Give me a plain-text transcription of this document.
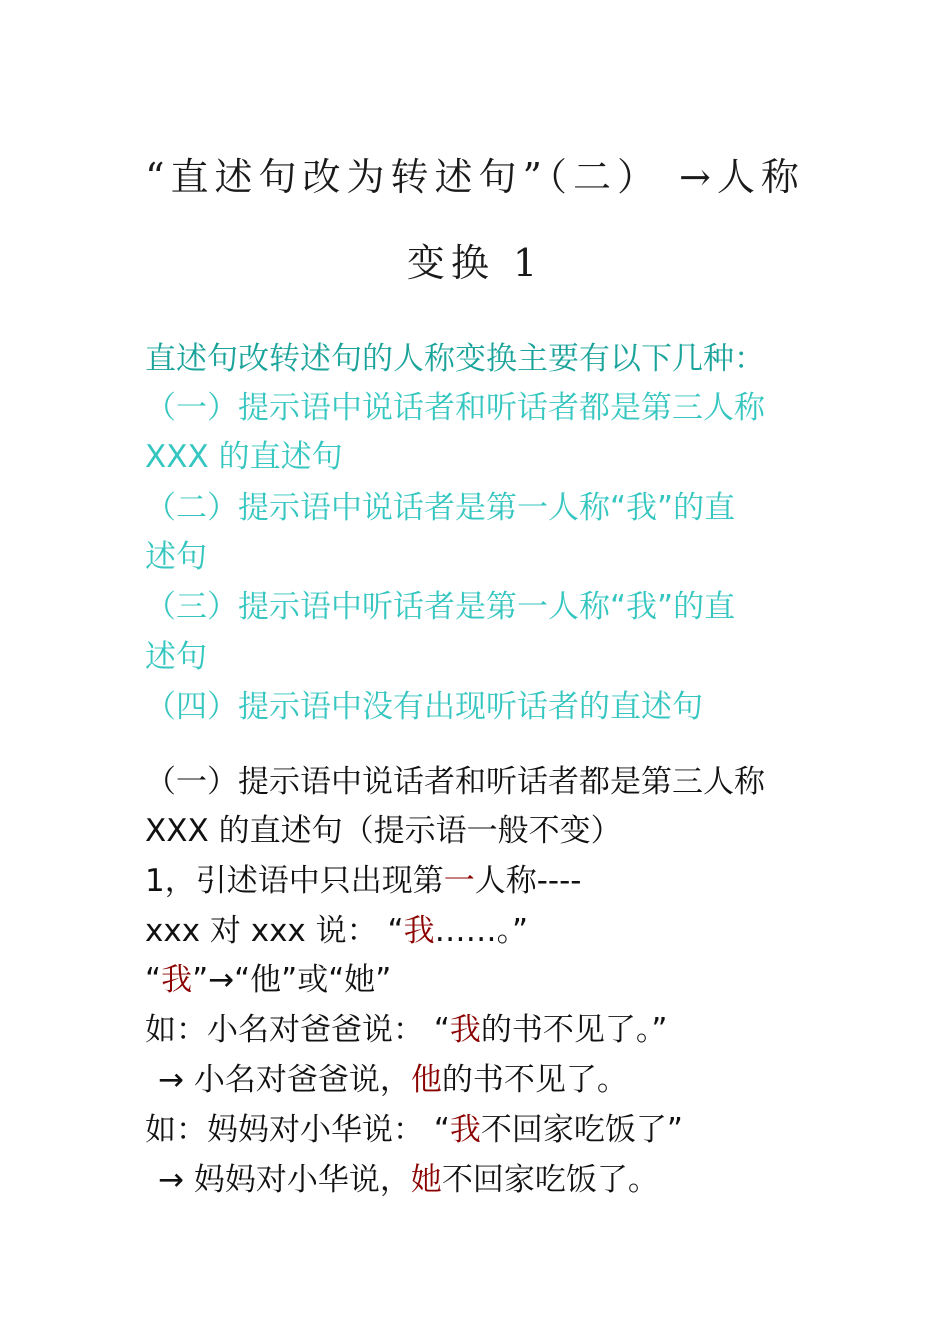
“直述句改为转述句”（二） →人称
变换 1
直述句改转述句的人称变换主要有以下几种：
（一）提示语中说话者和听话者都是第三人称
XXX 的直述句
（二）提示语中说话者是第一人称“我”的直
述句
（三）提示语中听话者是第一人称“我”的直
述句
（四）提示语中没有出现听话者的直述句
（一）提示语中说话者和听话者都是第三人称
XXX 的直述句（提示语一般不变）
1，引述语中只出现第一人称----
xxx 对 xxx 说： “我……。”
“我”→“他”或“她”
如：小名对爸爸说： “我的书不见了。”
→ 小名对爸爸说，他的书不见了。
如：妈妈对小华说： “我不回家吃饭了”
→ 妈妈对小华说，她不回家吃饭了。
